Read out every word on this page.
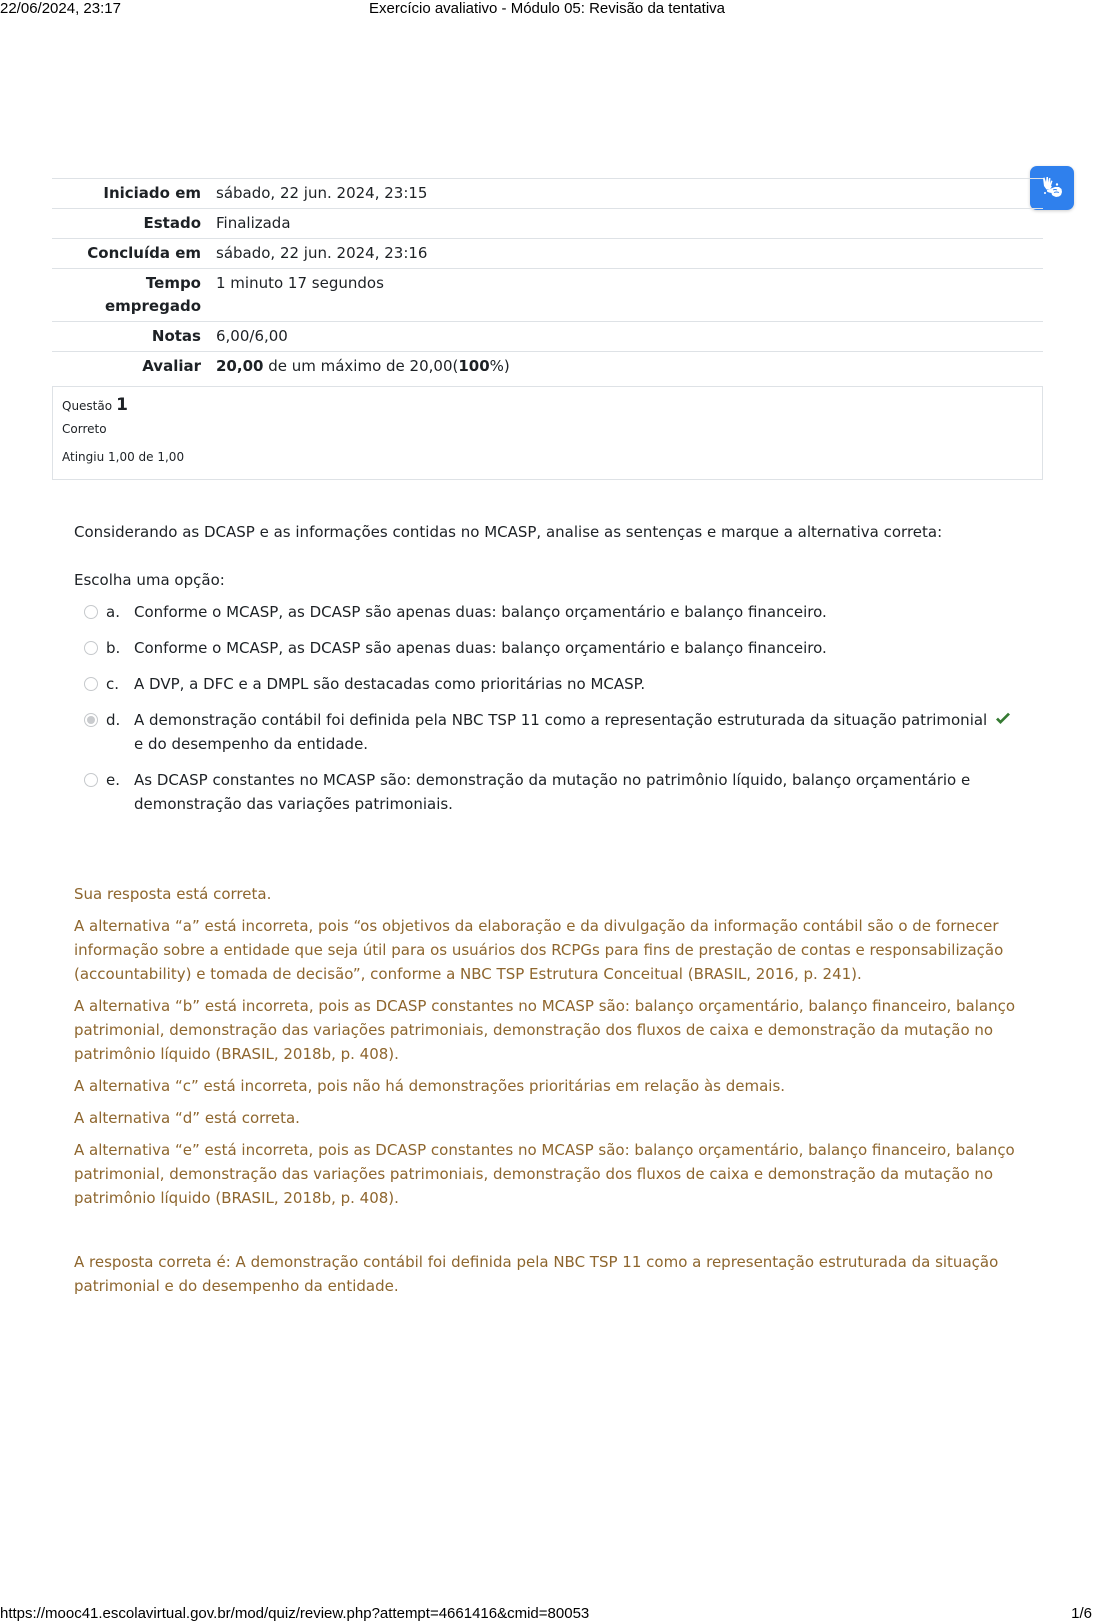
22/06/2024, 23:17	Exercício avaliativo - Módulo 05: Revisão da tentativa
Iniciado em	sábado, 22 jun. 2024, 23:15
Estado	Finalizada
Concluída em	sábado, 22 jun. 2024, 23:16
Tempo empregado	1 minuto 17 segundos
Notas	6,00/6,00
Avaliar	20,00 de um máximo de 20,00(100%)
Questão 1
Correto
Atingiu 1,00 de 1,00
Considerando as DCASP e as informações contidas no MCASP, analise as sentenças e marque a alternativa correta:
Escolha uma opção:
a. Conforme o MCASP, as DCASP são apenas duas: balanço orçamentário e balanço financeiro.
b. Conforme o MCASP, as DCASP são apenas duas: balanço orçamentário e balanço financeiro.
c. A DVP, a DFC e a DMPL são destacadas como prioritárias no MCASP.
d. A demonstração contábil foi definida pela NBC TSP 11 como a representação estruturada da situação patrimonial e do desempenho da entidade.
e. As DCASP constantes no MCASP são: demonstração da mutação no patrimônio líquido, balanço orçamentário e demonstração das variações patrimoniais.

Sua resposta está correta.

A alternativa “a” está incorreta, pois “os objetivos da elaboração e da divulgação da informação contábil são o de fornecer informação sobre a entidade que seja útil para os usuários dos RCPGs para fins de prestação de contas e responsabilização (accountability) e tomada de decisão”, conforme a NBC TSP Estrutura Conceitual (BRASIL, 2016, p. 241).

A alternativa “b” está incorreta, pois as DCASP constantes no MCASP são: balanço orçamentário, balanço financeiro, balanço patrimonial, demonstração das variações patrimoniais, demonstração dos fluxos de caixa e demonstração da mutação no patrimônio líquido (BRASIL, 2018b, p. 408).

A alternativa “c” está incorreta, pois não há demonstrações prioritárias em relação às demais.

A alternativa “d” está correta.

A alternativa “e” está incorreta, pois as DCASP constantes no MCASP são: balanço orçamentário, balanço financeiro, balanço patrimonial, demonstração das variações patrimoniais, demonstração dos fluxos de caixa e demonstração da mutação no patrimônio líquido (BRASIL, 2018b, p. 408).

A resposta correta é: A demonstração contábil foi definida pela NBC TSP 11 como a representação estruturada da situação patrimonial e do desempenho da entidade.

https://mooc41.escolavirtual.gov.br/mod/quiz/review.php?attempt=4661416&cmid=80053	1/6
